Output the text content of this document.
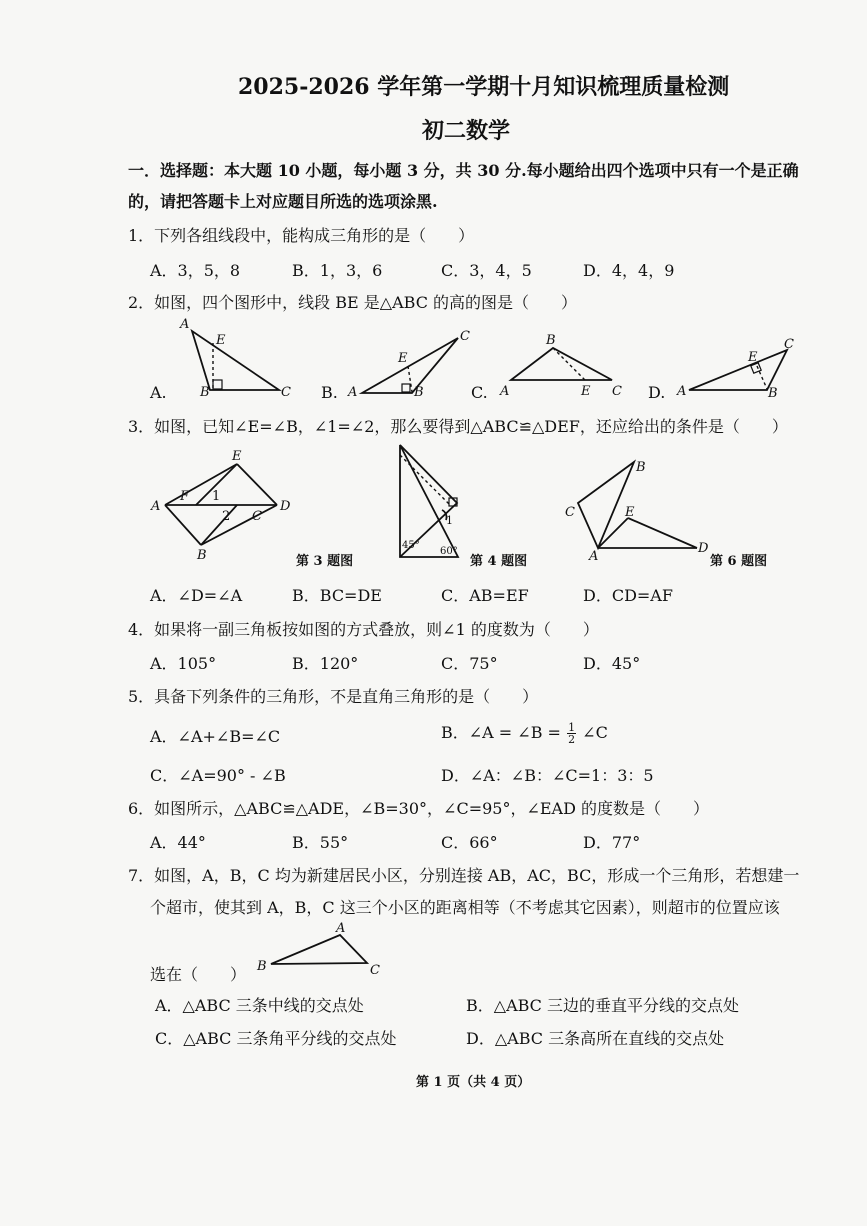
2025-2026 学年第一学期十月知识梳理质量检测
初二数学
一．选择题：本大题 10 小题，每小题 3 分，共 30 分.每小题给出四个选项中只有一个是正确
的，请把答题卡上对应题目所选的选项涂黑.
1．下列各组线段中，能构成三角形的是（　　）
A．3，5，8	B．1，3，6	C．3，4，5	D．4，4，9
2．如图，四个图形中，线段 BE 是△ABC 的高的图是（　　）
A.
A
E
B	C B.
E
C
A	B	C.
B
A	E C D.
E
C
A	B
3．如图，已知∠E=∠B，∠1=∠2，那么要得到△ABC≌△DEF，还应给出的条件是（　　）
E
A
F 1
2 C
D
B	第 3 题图
1
45°
60°
第 4 题图
B
C	E
A
D
第 6 题图
A．∠D=∠A	B．BC=DE	C．AB=EF	D．CD=AF
4．如果将一副三角板按如图的方式叠放，则∠1 的度数为（　　）
A．105°	B．120°	C．75°	D．45°
5．具备下列条件的三角形，不是直角三角形的是（　　）
A．∠A+∠B=∠C	B．∠A = ∠B = $\frac{1}{2}$ ∠C
C．∠A=90° - ∠B	D．∠A：∠B：∠C=1：3：5
6．如图所示，△ABC≌△ADE，∠B=30°，∠C=95°，∠EAD 的度数是（　　）
A．44°	B．55°	C．66°	D．77°
7．如图，A，B，C 均为新建居民小区，分别连接 AB，AC，BC，形成一个三角形，若想建一
个超市，使其到 A，B，C 这三个小区的距离相等（不考虑其它因素），则超市的位置应该
选在（　　）
A
B	C
A．△ABC 三条中线的交点处	B．△ABC 三边的垂直平分线的交点处
C．△ABC 三条角平分线的交点处	D．△ABC 三条高所在直线的交点处
第 1 页（共 4 页）
